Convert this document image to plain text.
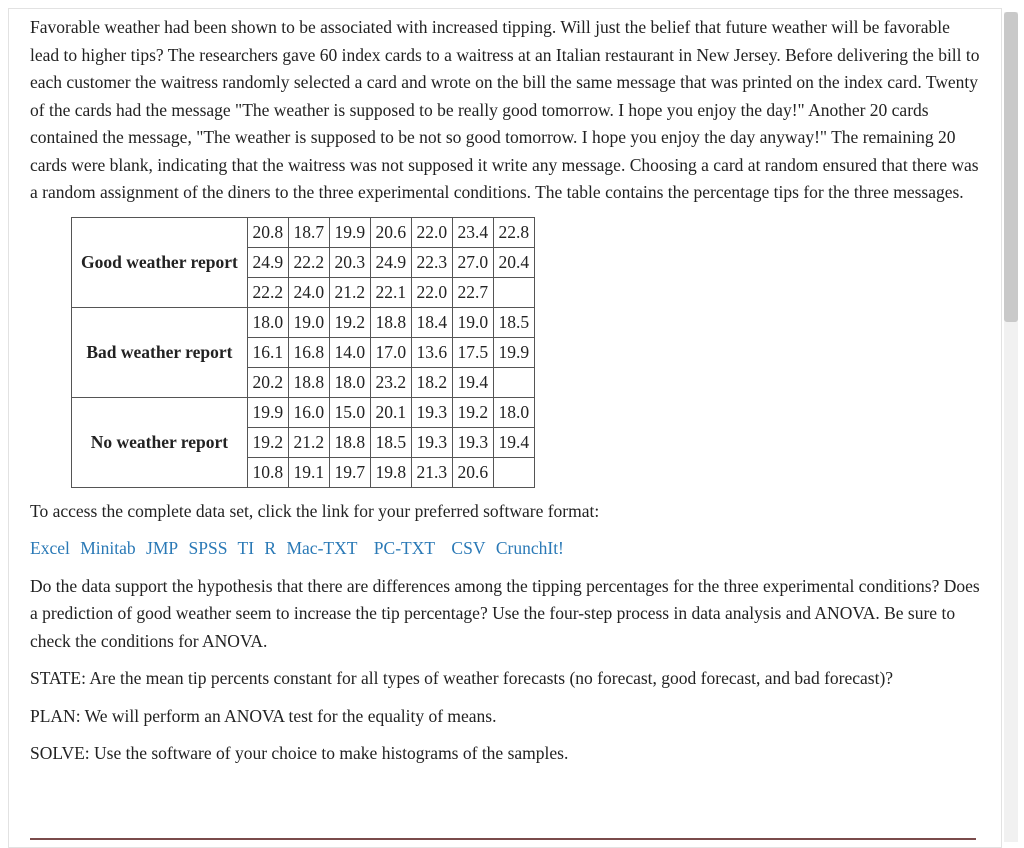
Favorable weather had been shown to be associated with increased tipping. Will just the belief that future weather will be favorable lead to higher tips? The researchers gave 60 index cards to a waitress at an Italian restaurant in New Jersey. Before delivering the bill to each customer the waitress randomly selected a card and wrote on the bill the same message that was printed on the index card. Twenty of the cards had the message "The weather is supposed to be really good tomorrow. I hope you enjoy the day!" Another 20 cards contained the message, "The weather is supposed to be not so good tomorrow. I hope you enjoy the day anyway!" The remaining 20 cards were blank, indicating that the waitress was not supposed it write any message. Choosing a card at random ensured that there was a random assignment of the diners to the three experimental conditions. The table contains the percentage tips for the three messages.

Good weather report	20.8	18.7	19.9	20.6	22.0	23.4	22.8
	24.9	22.2	20.3	24.9	22.3	27.0	20.4
	22.2	24.0	21.2	22.1	22.0	22.7	
Bad weather report	18.0	19.0	19.2	18.8	18.4	19.0	18.5
	16.1	16.8	14.0	17.0	13.6	17.5	19.9
	20.2	18.8	18.0	23.2	18.2	19.4	
No weather report	19.9	16.0	15.0	20.1	19.3	19.2	18.0
	19.2	21.2	18.8	18.5	19.3	19.3	19.4
	10.8	19.1	19.7	19.8	21.3	20.6	

To access the complete data set, click the link for your preferred software format:

Excel Minitab JMP SPSS TI R Mac-TXT PC-TXT CSV CrunchIt!

Do the data support the hypothesis that there are differences among the tipping percentages for the three experimental conditions? Does a prediction of good weather seem to increase the tip percentage? Use the four-step process in data analysis and ANOVA. Be sure to check the conditions for ANOVA.

STATE: Are the mean tip percents constant for all types of weather forecasts (no forecast, good forecast, and bad forecast)?

PLAN: We will perform an ANOVA test for the equality of means.

SOLVE: Use the software of your choice to make histograms of the samples.
